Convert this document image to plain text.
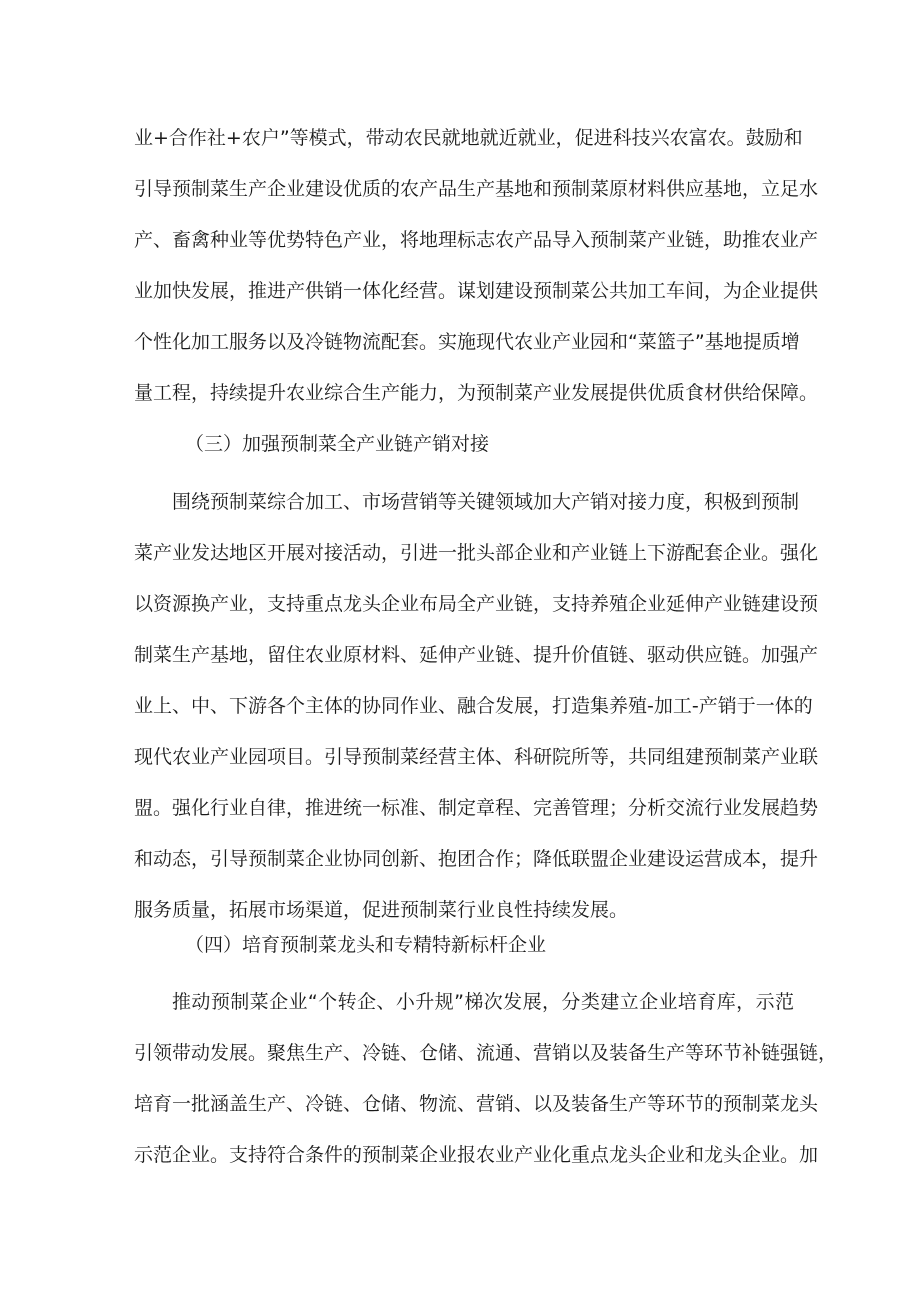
业+合作社+农户”等模式，带动农民就地就近就业，促进科技兴农富农。鼓励和
引导预制菜生产企业建设优质的农产品生产基地和预制菜原材料供应基地，立足水
产、畜禽种业等优势特色产业，将地理标志农产品导入预制菜产业链，助推农业产
业加快发展，推进产供销一体化经营。谋划建设预制菜公共加工车间，为企业提供
个性化加工服务以及冷链物流配套。实施现代农业产业园和“菜篮子”基地提质增
量工程，持续提升农业综合生产能力，为预制菜产业发展提供优质食材供给保障。
（三）加强预制菜全产业链产销对接
围绕预制菜综合加工、市场营销等关键领域加大产销对接力度，积极到预制
菜产业发达地区开展对接活动，引进一批头部企业和产业链上下游配套企业。强化
以资源换产业，支持重点龙头企业布局全产业链，支持养殖企业延伸产业链建设预
制菜生产基地，留住农业原材料、延伸产业链、提升价值链、驱动供应链。加强产
业上、中、下游各个主体的协同作业、融合发展，打造集养殖-加工-产销于一体的
现代农业产业园项目。引导预制菜经营主体、科研院所等，共同组建预制菜产业联
盟。强化行业自律，推进统一标准、制定章程、完善管理；分析交流行业发展趋势
和动态，引导预制菜企业协同创新、抱团合作；降低联盟企业建设运营成本，提升
服务质量，拓展市场渠道，促进预制菜行业良性持续发展。
（四）培育预制菜龙头和专精特新标杆企业
推动预制菜企业“个转企、小升规”梯次发展，分类建立企业培育库，示范
引领带动发展。聚焦生产、冷链、仓储、流通、营销以及装备生产等环节补链强链，
培育一批涵盖生产、冷链、仓储、物流、营销、以及装备生产等环节的预制菜龙头
示范企业。支持符合条件的预制菜企业报农业产业化重点龙头企业和龙头企业。加
